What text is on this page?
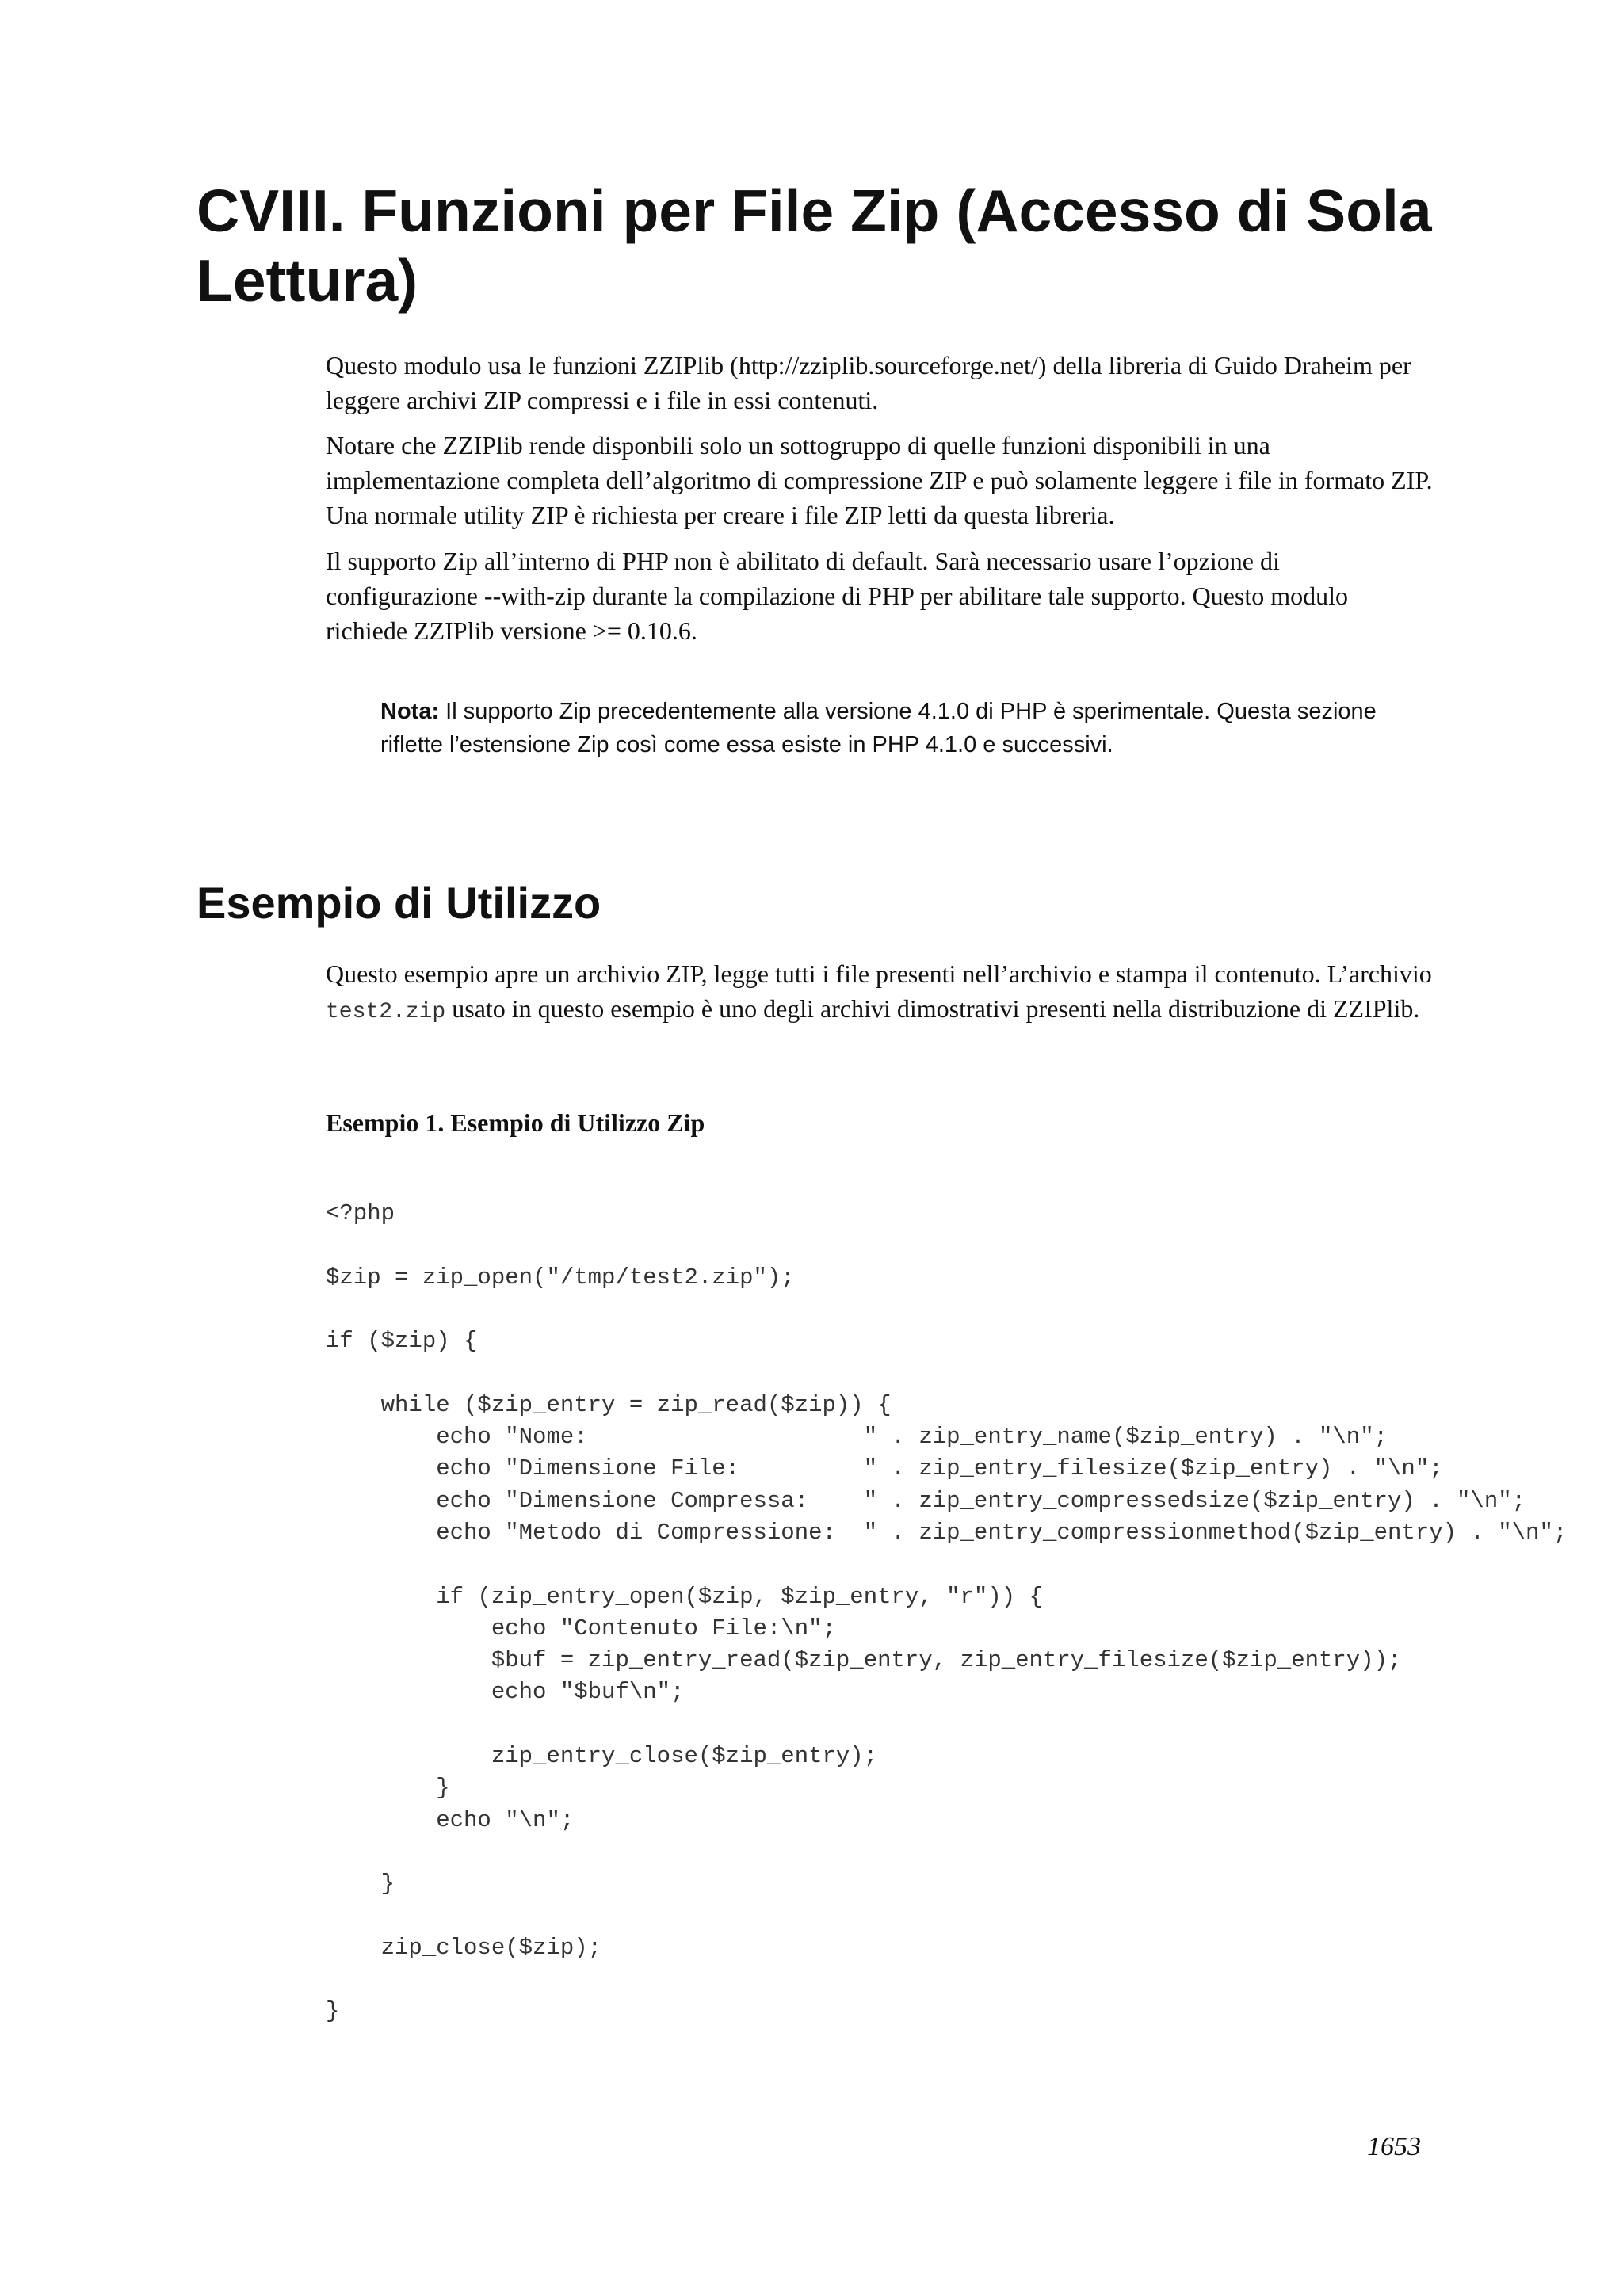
CVIII. Funzioni per File Zip (Accesso di Sola Lettura)

Questo modulo usa le funzioni ZZIPlib (http://zziplib.sourceforge.net/) della libreria di Guido Draheim per leggere archivi ZIP compressi e i file in essi contenuti.

Notare che ZZIPlib rende disponbili solo un sottogruppo di quelle funzioni disponibili in una implementazione completa dell’algoritmo di compressione ZIP e può solamente leggere i file in formato ZIP. Una normale utility ZIP è richiesta per creare i file ZIP letti da questa libreria.

Il supporto Zip all’interno di PHP non è abilitato di default. Sarà necessario usare l’opzione di configurazione --with-zip durante la compilazione di PHP per abilitare tale supporto. Questo modulo richiede ZZIPlib versione >= 0.10.6.

Nota: Il supporto Zip precedentemente alla versione 4.1.0 di PHP è sperimentale. Questa sezione riflette l’estensione Zip così come essa esiste in PHP 4.1.0 e successivi.

Esempio di Utilizzo

Questo esempio apre un archivio ZIP, legge tutti i file presenti nell’archivio e stampa il contenuto. L’archivio test2.zip usato in questo esempio è uno degli archivi dimostrativi presenti nella distribuzione di ZZIPlib.

Esempio 1. Esempio di Utilizzo Zip

<?php
$zip = zip_open("/tmp/test2.zip");
if ($zip) {
while ($zip_entry = zip_read($zip)) {
echo "Nome:                    " . zip_entry_name($zip_entry) . "\n";
echo "Dimensione File:         " . zip_entry_filesize($zip_entry) . "\n";
echo "Dimensione Compressa:    " . zip_entry_compressedsize($zip_entry) . "\n";
echo "Metodo di Compressione:  " . zip_entry_compressionmethod($zip_entry) . "\n";
if (zip_entry_open($zip, $zip_entry, "r")) {
echo "Contenuto File:\n";
$buf = zip_entry_read($zip_entry, zip_entry_filesize($zip_entry));
echo "$buf\n";
zip_entry_close($zip_entry);
}
echo "\n";
}
zip_close($zip);
}

1653
